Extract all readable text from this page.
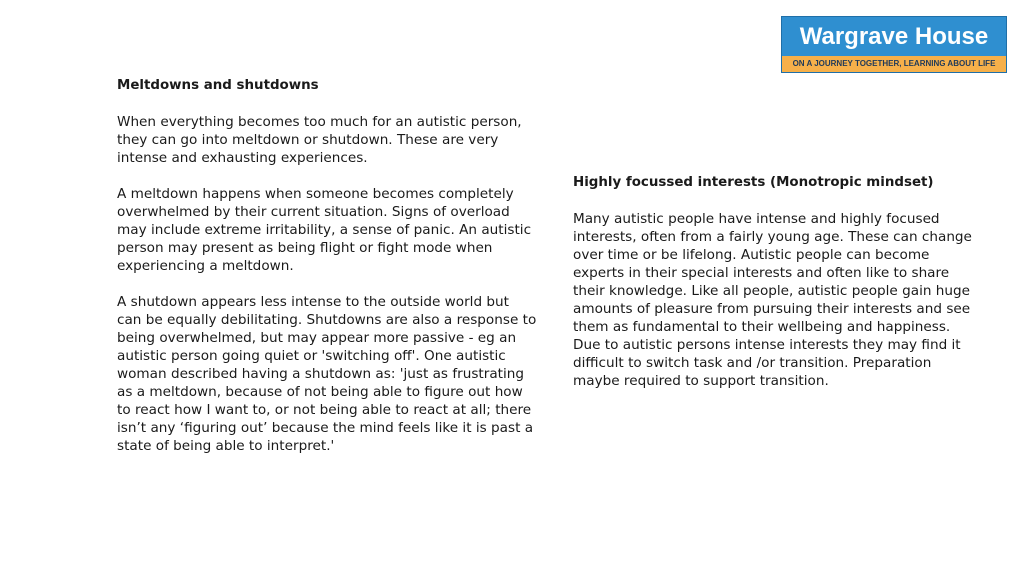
Wargrave House
ON A JOURNEY TOGETHER, LEARNING ABOUT LIFE

Meltdowns and shutdowns

When everything becomes too much for an autistic person, they can go into meltdown or shutdown. These are very intense and exhausting experiences.

A meltdown happens when someone becomes completely overwhelmed by their current situation. Signs of overload may include extreme irritability, a sense of panic. An autistic person may present as being flight or fight mode when experiencing a meltdown.

A shutdown appears less intense to the outside world but can be equally debilitating. Shutdowns are also a response to being overwhelmed, but may appear more passive - eg an autistic person going quiet or 'switching off'. One autistic woman described having a shutdown as: 'just as frustrating as a meltdown, because of not being able to figure out how to react how I want to, or not being able to react at all; there isn’t any ‘figuring out’ because the mind feels like it is past a state of being able to interpret.'

Highly focussed interests (Monotropic mindset)

Many autistic people have intense and highly focused interests, often from a fairly young age. These can change over time or be lifelong. Autistic people can become experts in their special interests and often like to share their knowledge. Like all people, autistic people gain huge amounts of pleasure from pursuing their interests and see them as fundamental to their wellbeing and happiness.

Due to autistic persons intense interests they may find it difficult to switch task and /or transition. Preparation maybe required to support transition.
